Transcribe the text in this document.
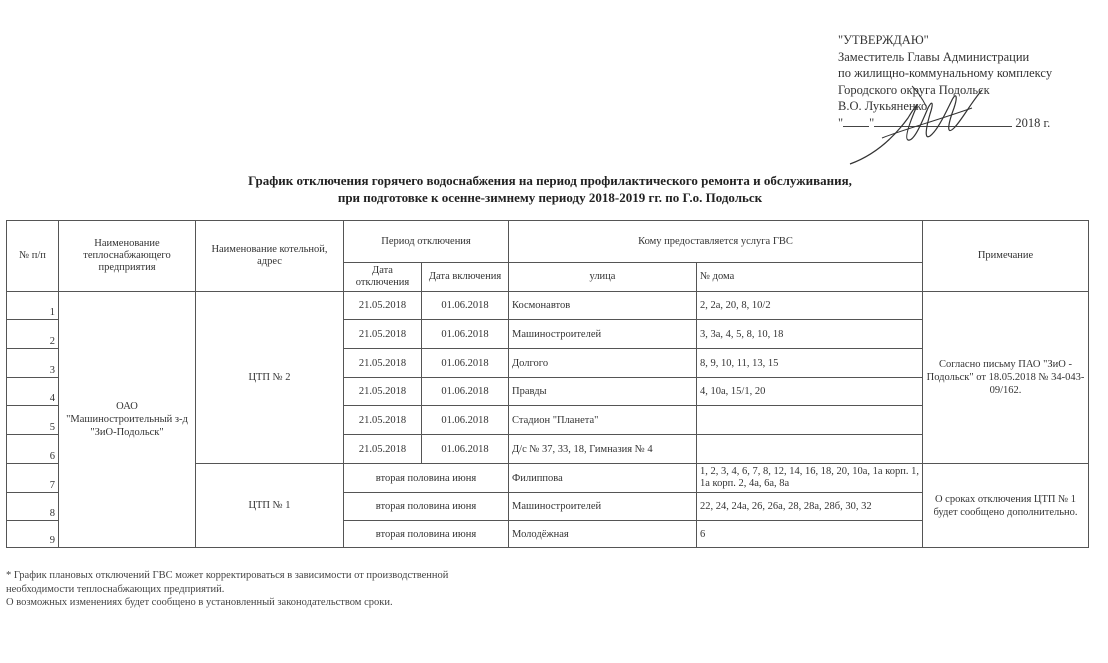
"УТВЕРЖДАЮ"
Заместитель Главы Администрации
по жилищно-коммунальному комплексу
Городского округа Подольск
В.О. Лукьяненко
" "	2018 г.
График отключения горячего водоснабжения на период профилактического ремонта и обслуживания,
при подготовке к осенне-зимнему периоду 2018-2019 гг. по Г.о. Подольск
№ п/п	Наименование теплоснабжающего предприятия	Наименование котельной, адрес	Период отключения		Кому предоставляется услуга ГВС		Примечание
			Дата отключения	Дата включения	улица	№ дома	
1	ОАО "Машиностроительный з-д "ЗиО-Подольск"	ЦТП № 2	21.05.2018	01.06.2018	Космонавтов	2, 2а, 20, 8, 10/2	Согласно письму ПАО "ЗиО - Подольск" от 18.05.2018 № 34-043-09/162.
2			21.05.2018	01.06.2018	Машиностроителей	3, 3а, 4, 5, 8, 10, 18	
3			21.05.2018	01.06.2018	Долгого	8, 9, 10, 11, 13, 15	
4			21.05.2018	01.06.2018	Правды	4, 10а, 15/1, 20	
5			21.05.2018	01.06.2018	Стадион "Планета"		
6			21.05.2018	01.06.2018	Д/с № 37, 33, 18, Гимназия № 4		
7		ЦТП № 1	вторая половина июня		Филиппова	1, 2, 3, 4, 6, 7, 8, 12, 14, 16, 18, 20, 10а, 1а корп. 1, 1а корп. 2, 4а, 6а, 8а	О сроках отключения ЦТП № 1 будет сообщено дополнительно.
8			вторая половина июня		Машиностроителей	22, 24, 24а, 26, 26а, 28, 28а, 28б, 30, 32	
9			вторая половина июня		Молодёжная	6	
* График плановых отключений ГВС может корректироваться в зависимости от производственной
необходимости теплоснабжающих предприятий.
О возможных изменениях будет сообщено в установленный законодательством сроки.
